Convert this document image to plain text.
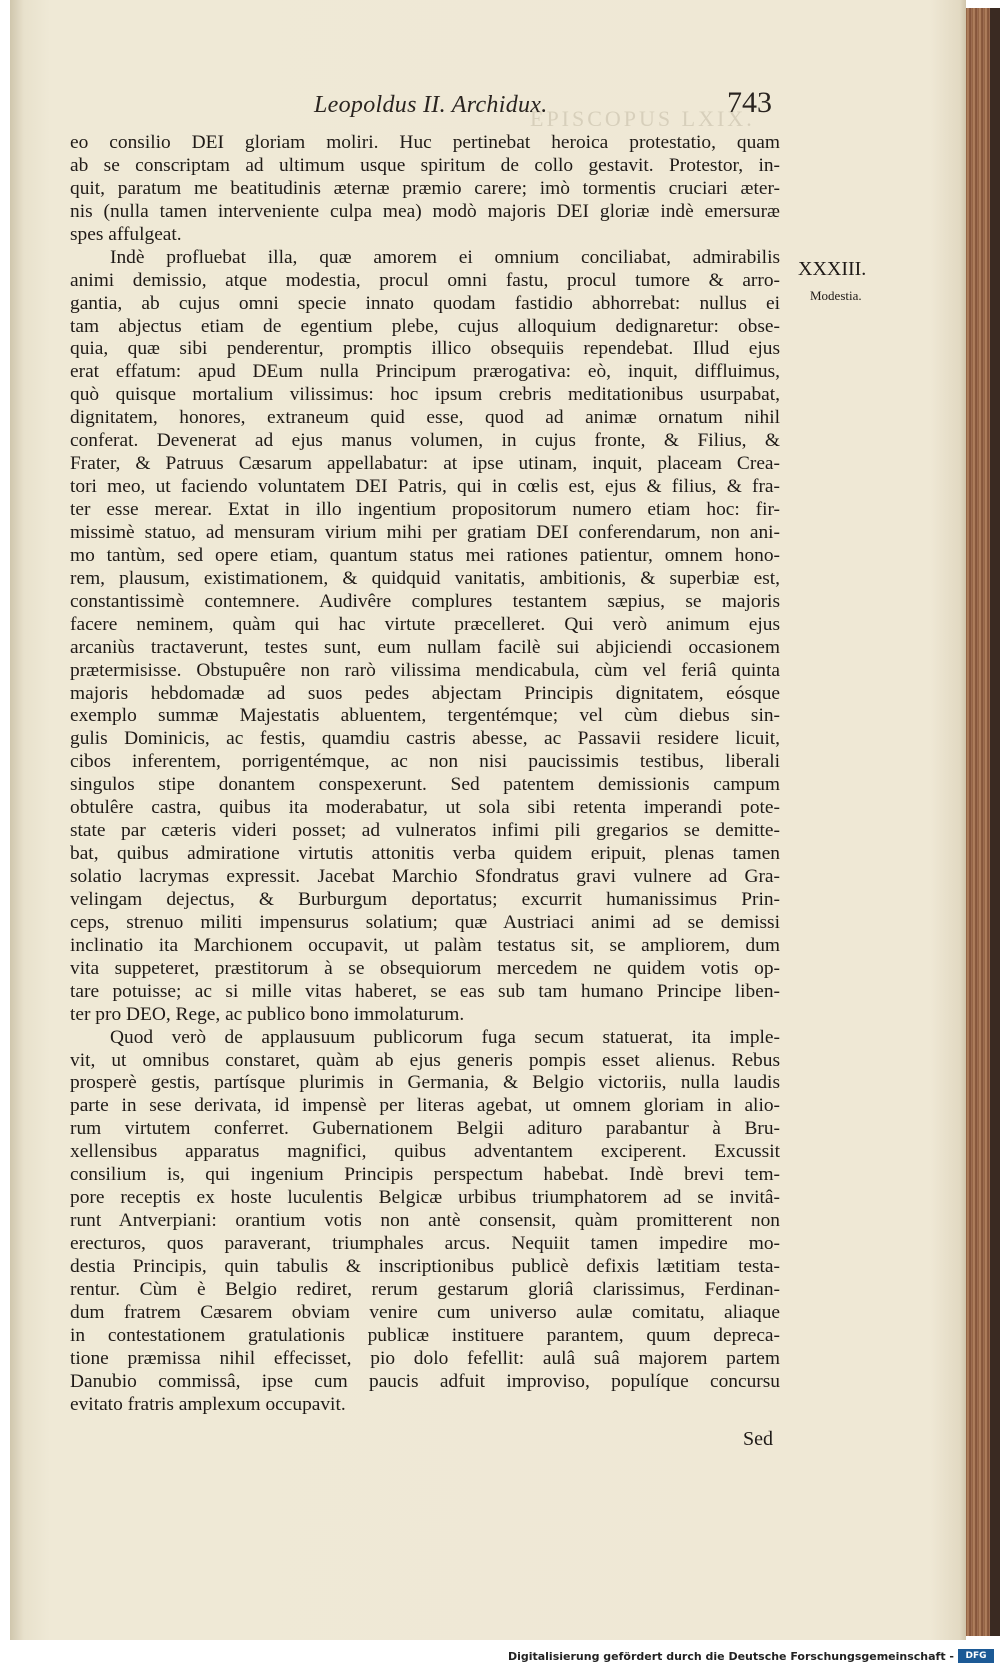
EPISCOPUS LXIX.
Leopoldus II. Archidux.	743
eo consilio DEI gloriam moliri. Huc pertinebat heroica protestatio, quam
ab se conscriptam ad ultimum usque spiritum de collo gestavit. Protestor, in-
quit, paratum me beatitudinis æternæ præmio carere; imò tormentis cruciari æter-
nis (nulla tamen interveniente culpa mea) modò majoris DEI gloriæ indè emersuræ
spes affulgeat.
Indè profluebat illa, quæ amorem ei omnium conciliabat, admirabilis
animi demissio, atque modestia, procul omni fastu, procul tumore & arro-
gantia, ab cujus omni specie innato quodam fastidio abhorrebat: nullus ei
tam abjectus etiam de egentium plebe, cujus alloquium dedignaretur: obse-
quia, quæ sibi penderentur, promptis illico obsequiis rependebat. Illud ejus
erat effatum: apud DEum nulla Principum prærogativa: eò, inquit, diffluimus,
quò quisque mortalium vilissimus: hoc ipsum crebris meditationibus usurpabat,
dignitatem, honores, extraneum quid esse, quod ad animæ ornatum nihil
conferat. Devenerat ad ejus manus volumen, in cujus fronte, & Filius, &
Frater, & Patruus Cæsarum appellabatur: at ipse utinam, inquit, placeam Crea-
tori meo, ut faciendo voluntatem DEI Patris, qui in cœlis est, ejus & filius, & fra-
ter esse merear. Extat in illo ingentium propositorum numero etiam hoc: fir-
missimè statuo, ad mensuram virium mihi per gratiam DEI conferendarum, non ani-
mo tantùm, sed opere etiam, quantum status mei rationes patientur, omnem hono-
rem, plausum, existimationem, & quidquid vanitatis, ambitionis, & superbiæ est,
constantissimè contemnere. Audivêre complures testantem sæpius, se majoris
facere neminem, quàm qui hac virtute præcelleret. Qui verò animum ejus
arcaniùs tractaverunt, testes sunt, eum nullam facilè sui abjiciendi occasionem
prætermisisse. Obstupuêre non rarò vilissima mendicabula, cùm vel feriâ quinta
majoris hebdomadæ ad suos pedes abjectam Principis dignitatem, eósque
exemplo summæ Majestatis abluentem, tergentémque; vel cùm diebus sin-
gulis Dominicis, ac festis, quamdiu castris abesse, ac Passavii residere licuit,
cibos inferentem, porrigentémque, ac non nisi paucissimis testibus, liberali
singulos stipe donantem conspexerunt. Sed patentem demissionis campum
obtulêre castra, quibus ita moderabatur, ut sola sibi retenta imperandi pote-
state par cæteris videri posset; ad vulneratos infimi pili gregarios se demitte-
bat, quibus admiratione virtutis attonitis verba quidem eripuit, plenas tamen
solatio lacrymas expressit. Jacebat Marchio Sfondratus gravi vulnere ad Gra-
velingam dejectus, & Burburgum deportatus; excurrit humanissimus Prin-
ceps, strenuo militi impensurus solatium; quæ Austriaci animi ad se demissi
inclinatio ita Marchionem occupavit, ut palàm testatus sit, se ampliorem, dum
vita suppeteret, præstitorum à se obsequiorum mercedem ne quidem votis op-
tare potuisse; ac si mille vitas haberet, se eas sub tam humano Principe liben-
ter pro DEO, Rege, ac publico bono immolaturum.
Quod verò de applausuum publicorum fuga secum statuerat, ita imple-
vit, ut omnibus constaret, quàm ab ejus generis pompis esset alienus. Rebus
prosperè gestis, partísque plurimis in Germania, & Belgio victoriis, nulla laudis
parte in sese derivata, id impensè per literas agebat, ut omnem gloriam in alio-
rum virtutem conferret. Gubernationem Belgii adituro parabantur à Bru-
xellensibus apparatus magnifici, quibus adventantem exciperent. Excussit
consilium is, qui ingenium Principis perspectum habebat. Indè brevi tem-
pore receptis ex hoste luculentis Belgicæ urbibus triumphatorem ad se invitâ-
runt Antverpiani: orantium votis non antè consensit, quàm promitterent non
erecturos, quos paraverant, triumphales arcus. Nequiit tamen impedire mo-
destia Principis, quin tabulis & inscriptionibus publicè defixis lætitiam testa-
rentur. Cùm è Belgio rediret, rerum gestarum gloriâ clarissimus, Ferdinan-
dum fratrem Cæsarem obviam venire cum universo aulæ comitatu, aliaque
in contestationem gratulationis publicæ instituere parantem, quum depreca-
tione præmissa nihil effecisset, pio dolo fefellit: aulâ suâ majorem partem
Danubio commissâ, ipse cum paucis adfuit improviso, populíque concursu
evitato fratris amplexum occupavit.
XXXIII.
Modestia.
Sed
Digitalisierung gefördert durch die Deutsche Forschungsgemeinschaft -	DFG
